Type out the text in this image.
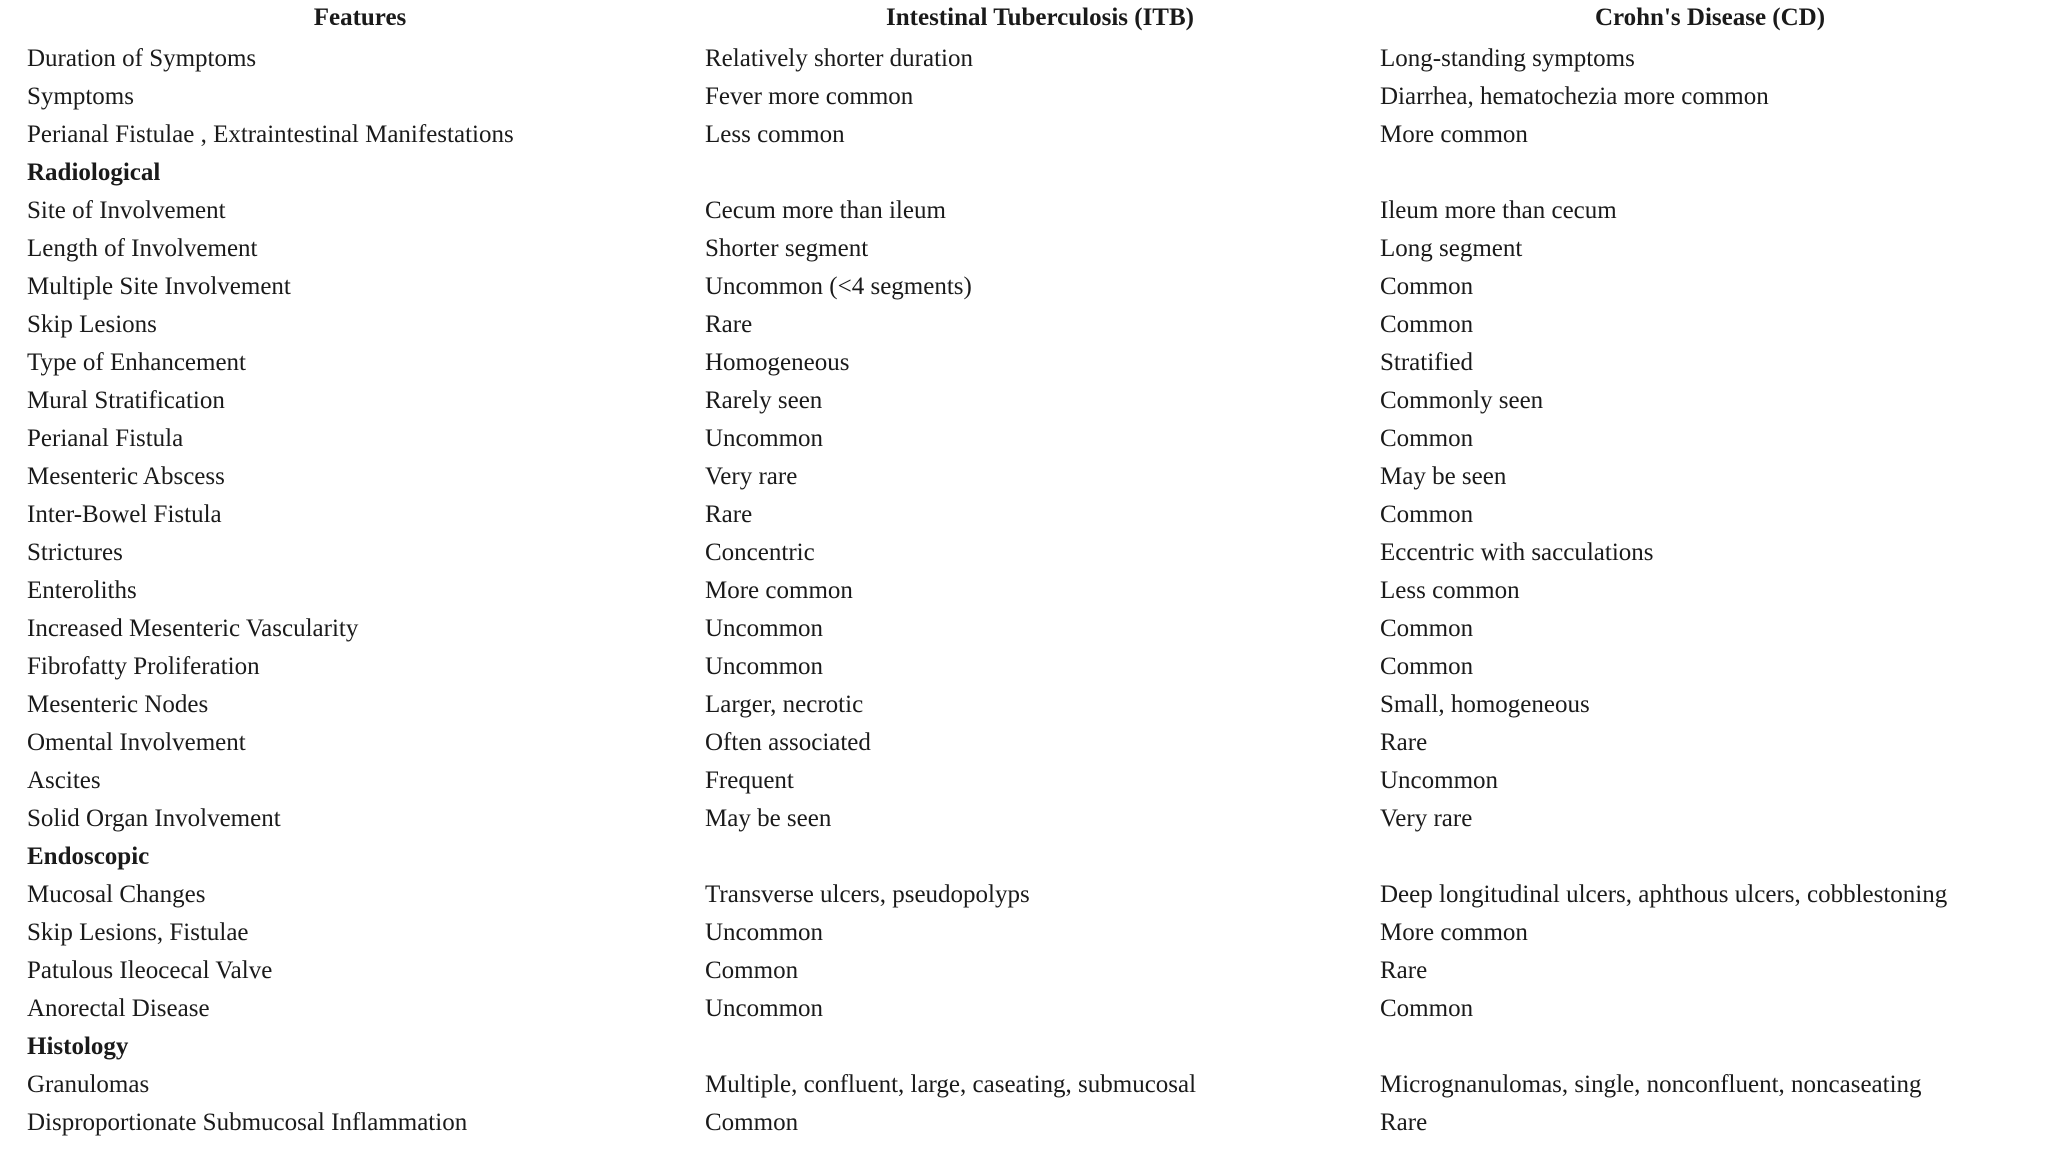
Features	Intestinal Tuberculosis (ITB)	Crohn's Disease (CD)
Duration of Symptoms	Relatively shorter duration	Long-standing symptoms
Symptoms	Fever more common	Diarrhea, hematochezia more common
Perianal Fistulae , Extraintestinal Manifestations	Less common	More common
Radiological
Site of Involvement	Cecum more than ileum	Ileum more than cecum
Length of Involvement	Shorter segment	Long segment
Multiple Site Involvement	Uncommon (<4 segments)	Common
Skip Lesions	Rare	Common
Type of Enhancement	Homogeneous	Stratified
Mural Stratification	Rarely seen	Commonly seen
Perianal Fistula	Uncommon	Common
Mesenteric Abscess	Very rare	May be seen
Inter-Bowel Fistula	Rare	Common
Strictures	Concentric	Eccentric with sacculations
Enteroliths	More common	Less common
Increased Mesenteric Vascularity	Uncommon	Common
Fibrofatty Proliferation	Uncommon	Common
Mesenteric Nodes	Larger, necrotic	Small, homogeneous
Omental Involvement	Often associated	Rare
Ascites	Frequent	Uncommon
Solid Organ Involvement	May be seen	Very rare
Endoscopic
Mucosal Changes	Transverse ulcers, pseudopolyps	Deep longitudinal ulcers, aphthous ulcers, cobblestoning
Skip Lesions, Fistulae	Uncommon	More common
Patulous Ileocecal Valve	Common	Rare
Anorectal Disease	Uncommon	Common
Histology
Granulomas	Multiple, confluent, large, caseating, submucosal	Micrognanulomas, single, nonconfluent, noncaseating
Disproportionate Submucosal Inflammation	Common	Rare
